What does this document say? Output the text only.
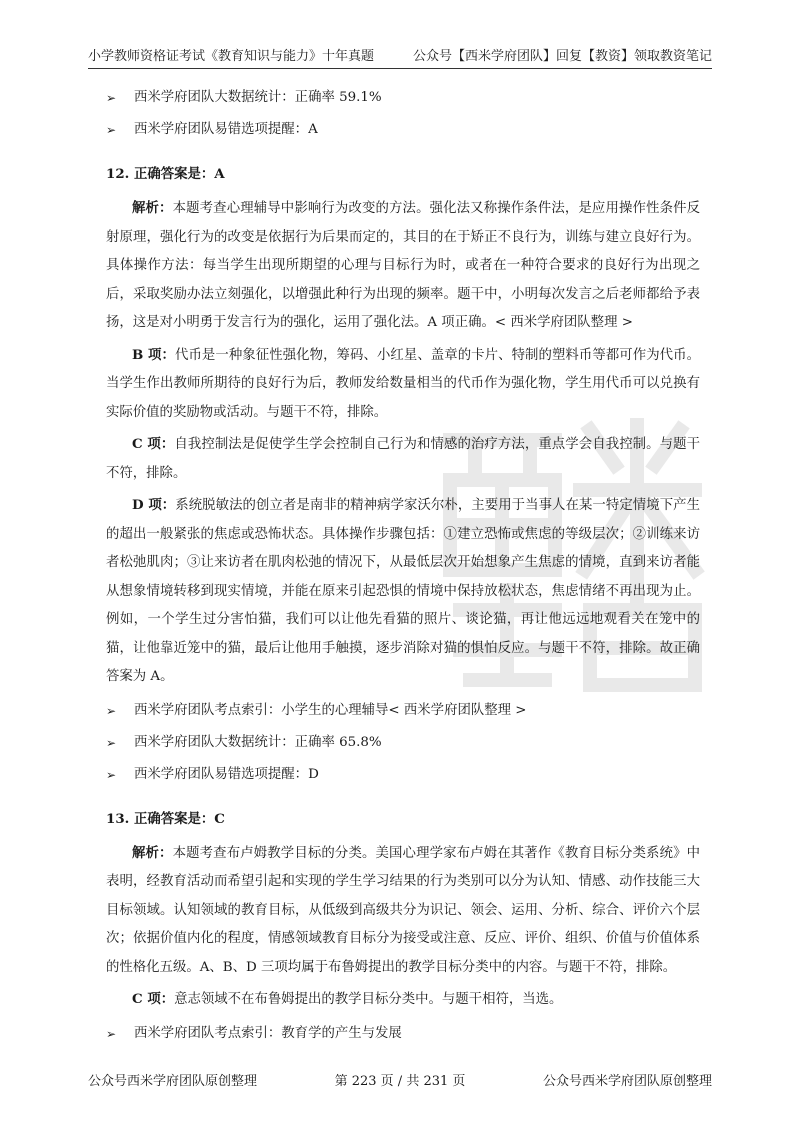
小学教师资格证考试《教育知识与能力》十年真题	公众号【西米学府团队】回复【教资】领取教资笔记
西米学府
➢ 西米学府团队大数据统计：正确率 59.1%
➢ 西米学府团队易错选项提醒：A
12. 正确答案是：A

解析：本题考查心理辅导中影响行为改变的方法。强化法又称操作条件法，是应用操作性条件反射原理，强化行为的改变是依据行为后果而定的，其目的在于矫正不良行为，训练与建立良好行为。具体操作方法：每当学生出现所期望的心理与目标行为时，或者在一种符合要求的良好行为出现之后，采取奖励办法立刻强化，以增强此种行为出现的频率。题干中，小明每次发言之后老师都给予表扬，这是对小明勇于发言行为的强化，运用了强化法。A 项正确。< 西米学府团队整理 >

B 项：代币是一种象征性强化物，筹码、小红星、盖章的卡片、特制的塑料币等都可作为代币。当学生作出教师所期待的良好行为后，教师发给数量相当的代币作为强化物，学生用代币可以兑换有实际价值的奖励物或活动。与题干不符，排除。

C 项：自我控制法是促使学生学会控制自己行为和情感的治疗方法，重点学会自我控制。与题干不符，排除。

D 项：系统脱敏法的创立者是南非的精神病学家沃尔朴，主要用于当事人在某一特定情境下产生的超出一般紧张的焦虑或恐怖状态。具体操作步骤包括：①建立恐怖或焦虑的等级层次；②训练来访者松弛肌肉；③让来访者在肌肉松弛的情况下，从最低层次开始想象产生焦虑的情境，直到来访者能从想象情境转移到现实情境，并能在原来引起恐惧的情境中保持放松状态，焦虑情绪不再出现为止。例如，一个学生过分害怕猫，我们可以让他先看猫的照片、谈论猫，再让他远远地观看关在笼中的猫，让他靠近笼中的猫，最后让他用手触摸，逐步消除对猫的惧怕反应。与题干不符，排除。故正确答案为 A。

➢ 西米学府团队考点索引：小学生的心理辅导< 西米学府团队整理 >
➢ 西米学府团队大数据统计：正确率 65.8%
➢ 西米学府团队易错选项提醒：D
13. 正确答案是：C

解析：本题考查布卢姆教学目标的分类。美国心理学家布卢姆在其著作《教育目标分类系统》中表明，经教育活动而希望引起和实现的学生学习结果的行为类别可以分为认知、情感、动作技能三大目标领域。认知领域的教育目标，从低级到高级共分为识记、领会、运用、分析、综合、评价六个层次；依据价值内化的程度，情感领域教育目标分为接受或注意、反应、评价、组织、价值与价值体系的性格化五级。A、B、D 三项均属于布鲁姆提出的教学目标分类中的内容。与题干不符，排除。

C 项：意志领域不在布鲁姆提出的教学目标分类中。与题干相符，当选。

➢ 西米学府团队考点索引：教育学的产生与发展
公众号西米学府团队原创整理	第 223 页 / 共 231 页	公众号西米学府团队原创整理
